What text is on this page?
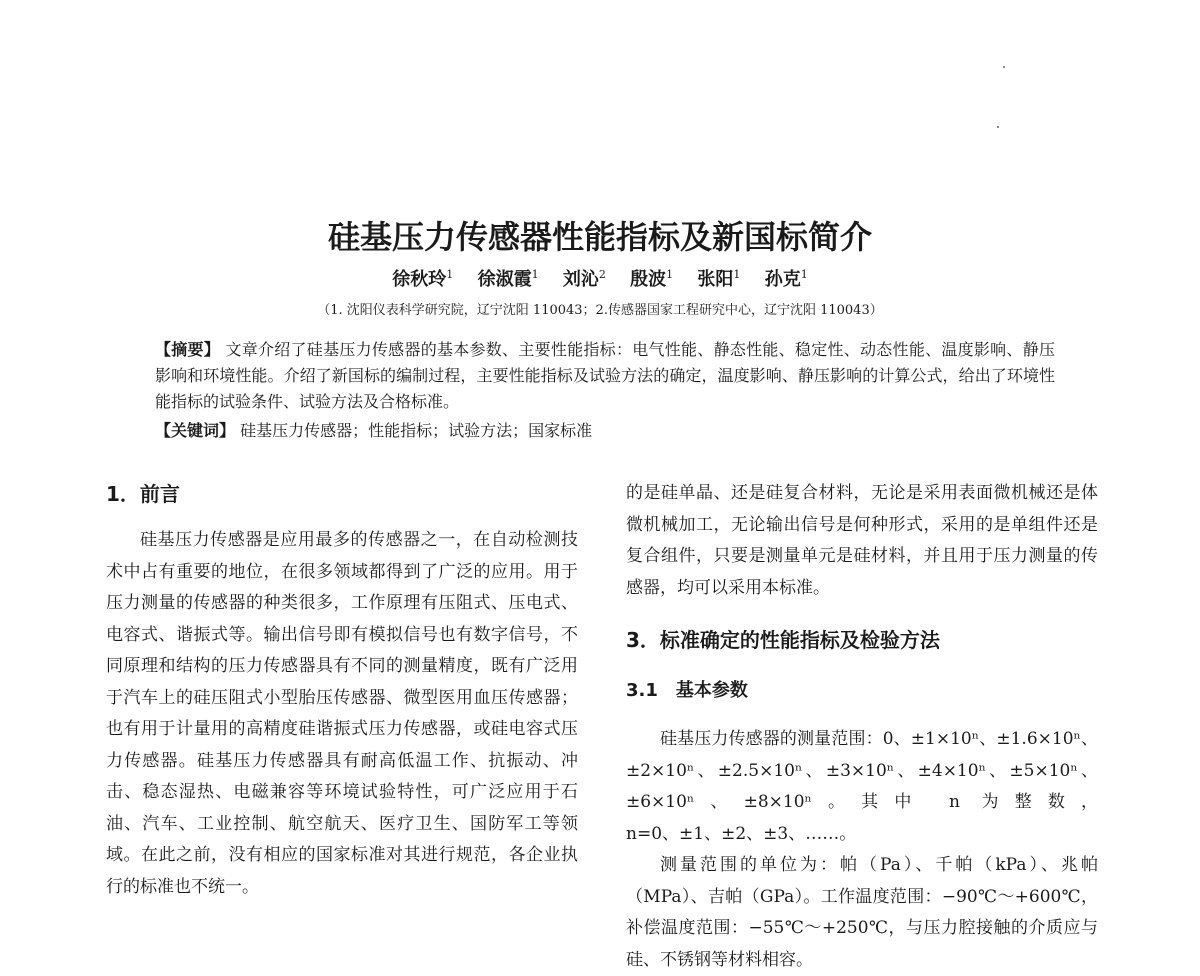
硅基压力传感器性能指标及新国标简介
徐秋玲$^1$ 徐淑霞$^1$ 刘沁$^2$ 殷波$^1$ 张阳$^1$ 孙克$^1$
（1. 沈阳仪表科学研究院，辽宁沈阳 110043；2.传感器国家工程研究中心，辽宁沈阳 110043）
【摘要】 文章介绍了硅基压力传感器的基本参数、主要性能指标：电气性能、静态性能、稳定性、动态性能、温度影响、静压影响和环境性能。介绍了新国标的编制过程，主要性能指标及试验方法的确定，温度影响、静压影响的计算公式，给出了环境性能指标的试验条件、试验方法及合格标准。
【关键词】 硅基压力传感器；性能指标；试验方法；国家标准
1．前言

硅基压力传感器是应用最多的传感器之一，在自动检测技术中占有重要的地位，在很多领域都得到了广泛的应用。用于压力测量的传感器的种类很多，工作原理有压阻式、压电式、电容式、谐振式等。输出信号即有模拟信号也有数字信号，不同原理和结构的压力传感器具有不同的测量精度，既有广泛用于汽车上的硅压阻式小型胎压传感器、微型医用血压传感器；也有用于计量用的高精度硅谐振式压力传感器，或硅电容式压力传感器。硅基压力传感器具有耐高低温工作、抗振动、冲击、稳态湿热、电磁兼容等环境试验特性，可广泛应用于石油、汽车、工业控制、航空航天、医疗卫生、国防军工等领域。在此之前，没有相应的国家标准对其进行规范，各企业执行的标准也不统一。

的是硅单晶、还是硅复合材料，无论是采用表面微机械还是体微机械加工，无论输出信号是何种形式，采用的是单组件还是复合组件，只要是测量单元是硅材料，并且用于压力测量的传感器，均可以采用本标准。

3．标准确定的性能指标及检验方法
3.1　基本参数

硅基压力传感器的测量范围：0、±1×10ⁿ、±1.6×10ⁿ、±2×10ⁿ、±2.5×10ⁿ、±3×10ⁿ、±4×10ⁿ、±5×10ⁿ、±6×10ⁿ、±8×10ⁿ。其中 n 为整数，n=0、±1、±2、±3、……。

测量范围的单位为：帕（Pa）、千帕（kPa）、兆帕（MPa）、吉帕（GPa）。工作温度范围：−90℃～+600℃，补偿温度范围：−55℃～+250℃，与压力腔接触的介质应与硅、不锈钢等材料相容。
